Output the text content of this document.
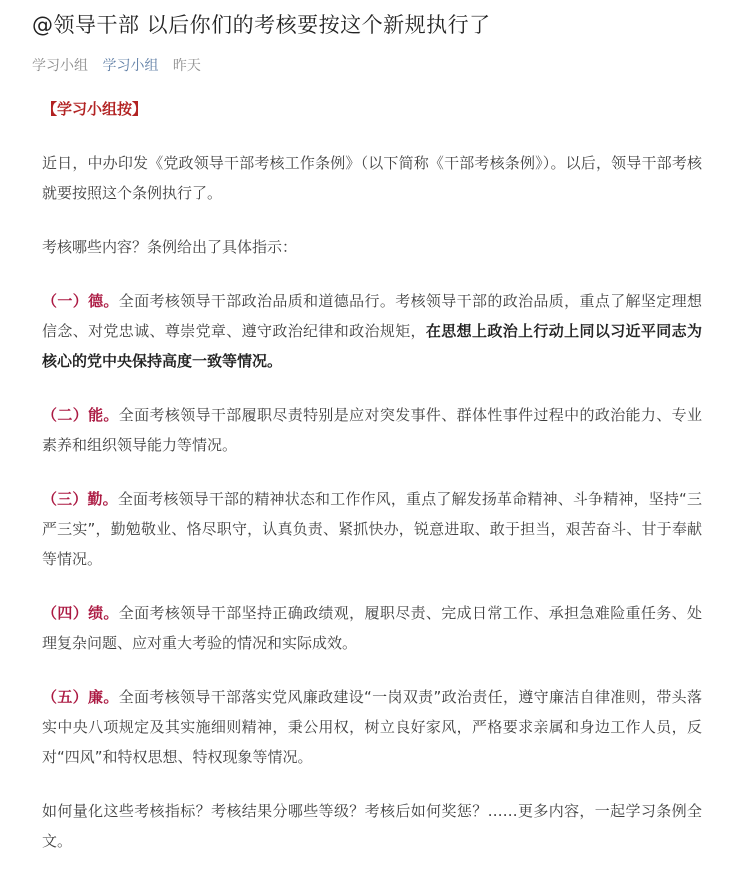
@领导干部 以后你们的考核要按这个新规执行了
学习小组 学习小组 昨天

【学习小组按】

近日，中办印发《党政领导干部考核工作条例》（以下简称《干部考核条例》）。以后，领导干部考核就要按照这个条例执行了。

考核哪些内容？条例给出了具体指示：

（一）德。全面考核领导干部政治品质和道德品行。考核领导干部的政治品质，重点了解坚定理想信念、对党忠诚、尊崇党章、遵守政治纪律和政治规矩，在思想上政治上行动上同以习近平同志为核心的党中央保持高度一致等情况。

（二）能。全面考核领导干部履职尽责特别是应对突发事件、群体性事件过程中的政治能力、专业素养和组织领导能力等情况。

（三）勤。全面考核领导干部的精神状态和工作作风，重点了解发扬革命精神、斗争精神，坚持“三严三实”，勤勉敬业、恪尽职守，认真负责、紧抓快办，锐意进取、敢于担当，艰苦奋斗、甘于奉献等情况。

（四）绩。全面考核领导干部坚持正确政绩观，履职尽责、完成日常工作、承担急难险重任务、处理复杂问题、应对重大考验的情况和实际成效。

（五）廉。全面考核领导干部落实党风廉政建设“一岗双责”政治责任，遵守廉洁自律准则，带头落实中央八项规定及其实施细则精神，秉公用权，树立良好家风，严格要求亲属和身边工作人员，反对“四风”和特权思想、特权现象等情况。

如何量化这些考核指标？考核结果分哪些等级？考核后如何奖惩？……更多内容，一起学习条例全文。
